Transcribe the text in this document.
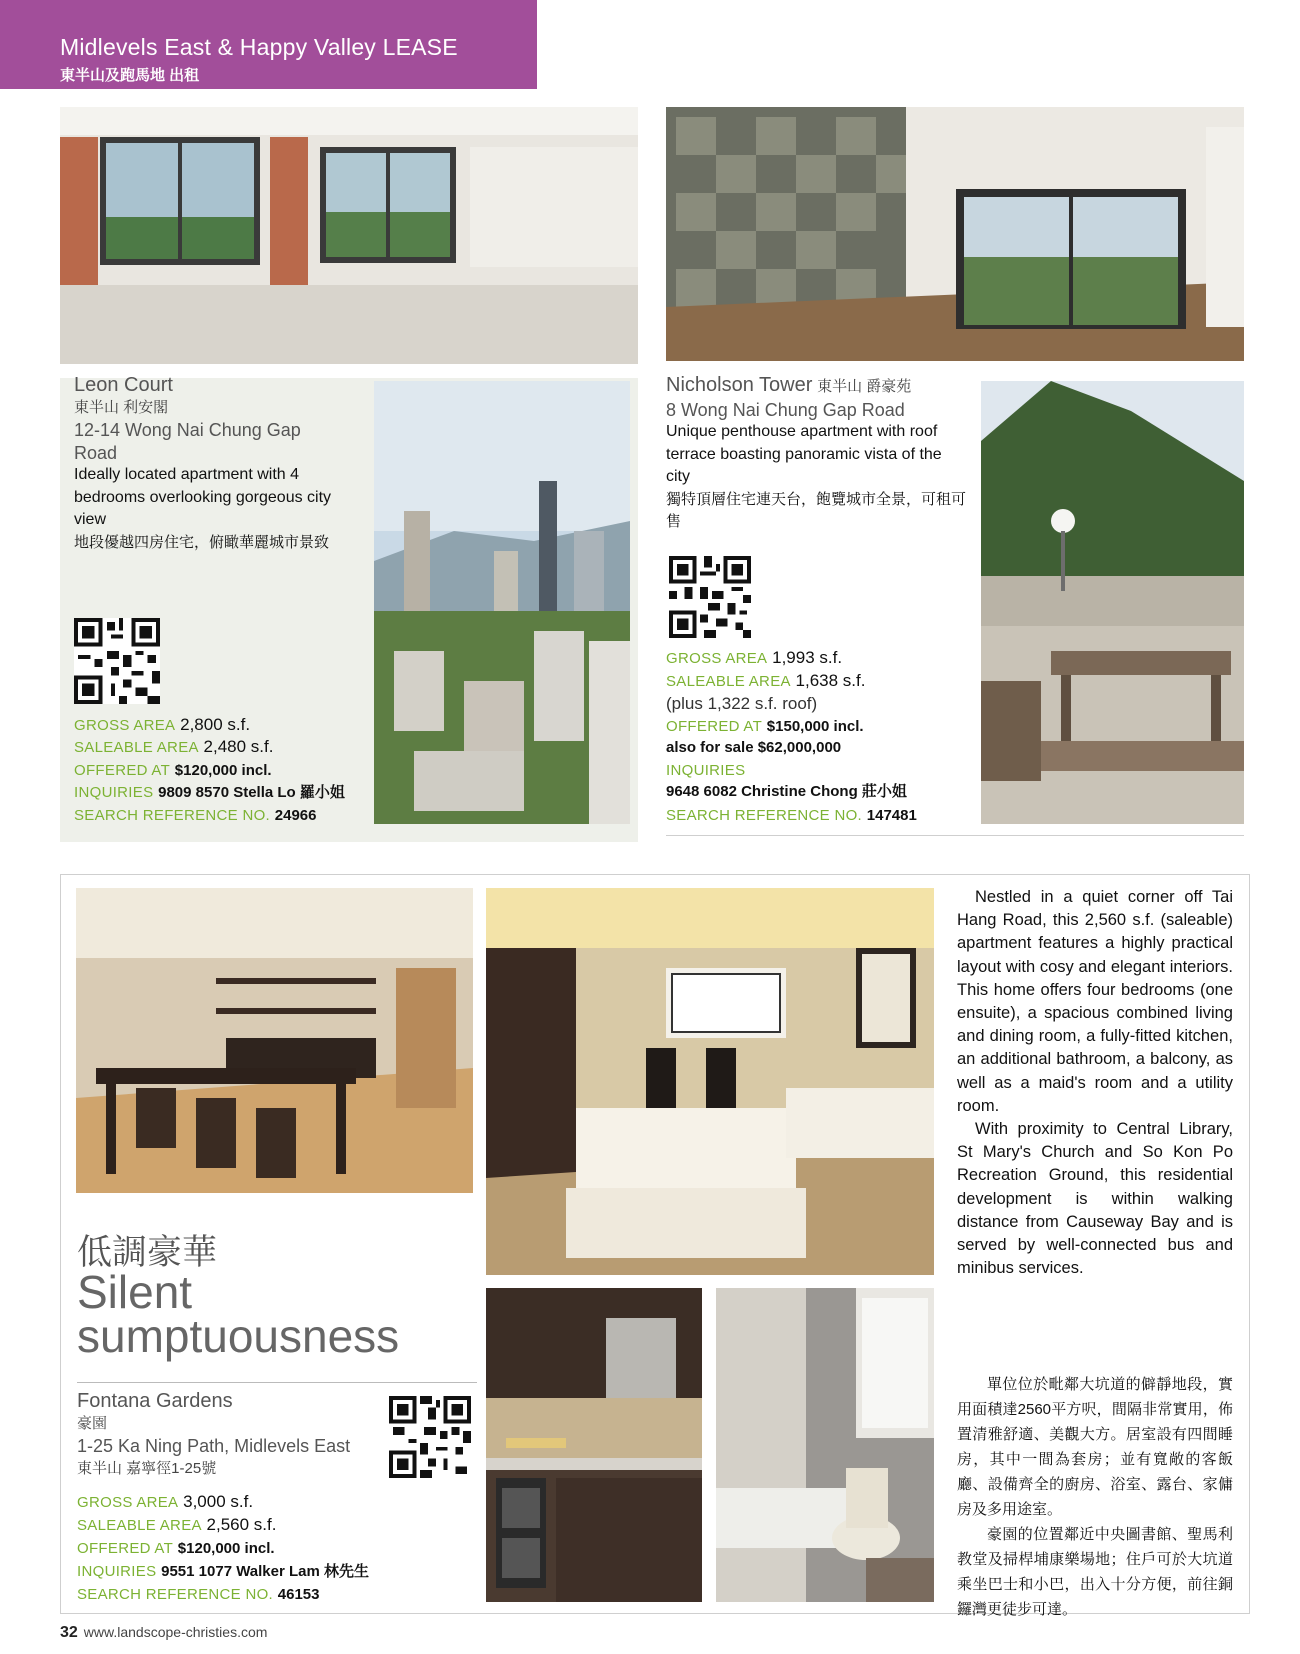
Midlevels East & Happy Valley LEASE
東半山及跑馬地 出租
Leon Court
東半山 利安閣
12-14 Wong Nai Chung Gap Road
Ideally located apartment with 4 bedrooms overlooking gorgeous city view
地段優越四房住宅，俯瞰華麗城市景致
GROSS AREA 2,800 s.f.
SALEABLE AREA 2,480 s.f.
OFFERED AT $120,000 incl.
INQUIRIES 9809 8570 Stella Lo 羅小姐
SEARCH REFERENCE NO. 24966
Nicholson Tower 東半山 爵豪苑
8 Wong Nai Chung Gap Road
Unique penthouse apartment with roof terrace boasting panoramic vista of the city
獨特頂層住宅連天台，飽覽城市全景，可租可售
GROSS AREA 1,993 s.f.
SALEABLE AREA 1,638 s.f.
(plus 1,322 s.f. roof)
OFFERED AT $150,000 incl.
also for sale $62,000,000
INQUIRIES
9648 6082 Christine Chong 莊小姐
SEARCH REFERENCE NO. 147481
低調豪華
Silent
sumptuousness
Fontana Gardens
豪園
1-25 Ka Ning Path, Midlevels East
東半山 嘉寧徑1-25號
GROSS AREA 3,000 s.f.
SALEABLE AREA 2,560 s.f.
OFFERED AT $120,000 incl.
INQUIRIES 9551 1077 Walker Lam 林先生
SEARCH REFERENCE NO. 46153

Nestled in a quiet corner off Tai Hang Road, this 2,560 s.f. (saleable) apartment features a highly practical layout with cosy and elegant interiors. This home offers four bedrooms (one ensuite), a spacious combined living and dining room, a fully-fitted kitchen, an additional bathroom, a balcony, as well as a maid's room and a utility room.

With proximity to Central Library, St Mary's Church and So Kon Po Recreation Ground, this residential development is within walking distance from Causeway Bay and is served by well-connected bus and minibus services.

單位位於毗鄰大坑道的僻靜地段，實用面積達2560平方呎，間隔非常實用，佈置清雅舒適、美觀大方。居室設有四間睡房，其中一間為套房；並有寬敞的客飯廳、設備齊全的廚房、浴室、露台、家傭房及多用途室。

豪園的位置鄰近中央圖書館、聖馬利教堂及掃桿埔康樂場地；住戶可於大坑道乘坐巴士和小巴，出入十分方便，前往銅鑼灣更徒步可達。

32 www.landscope-christies.com
